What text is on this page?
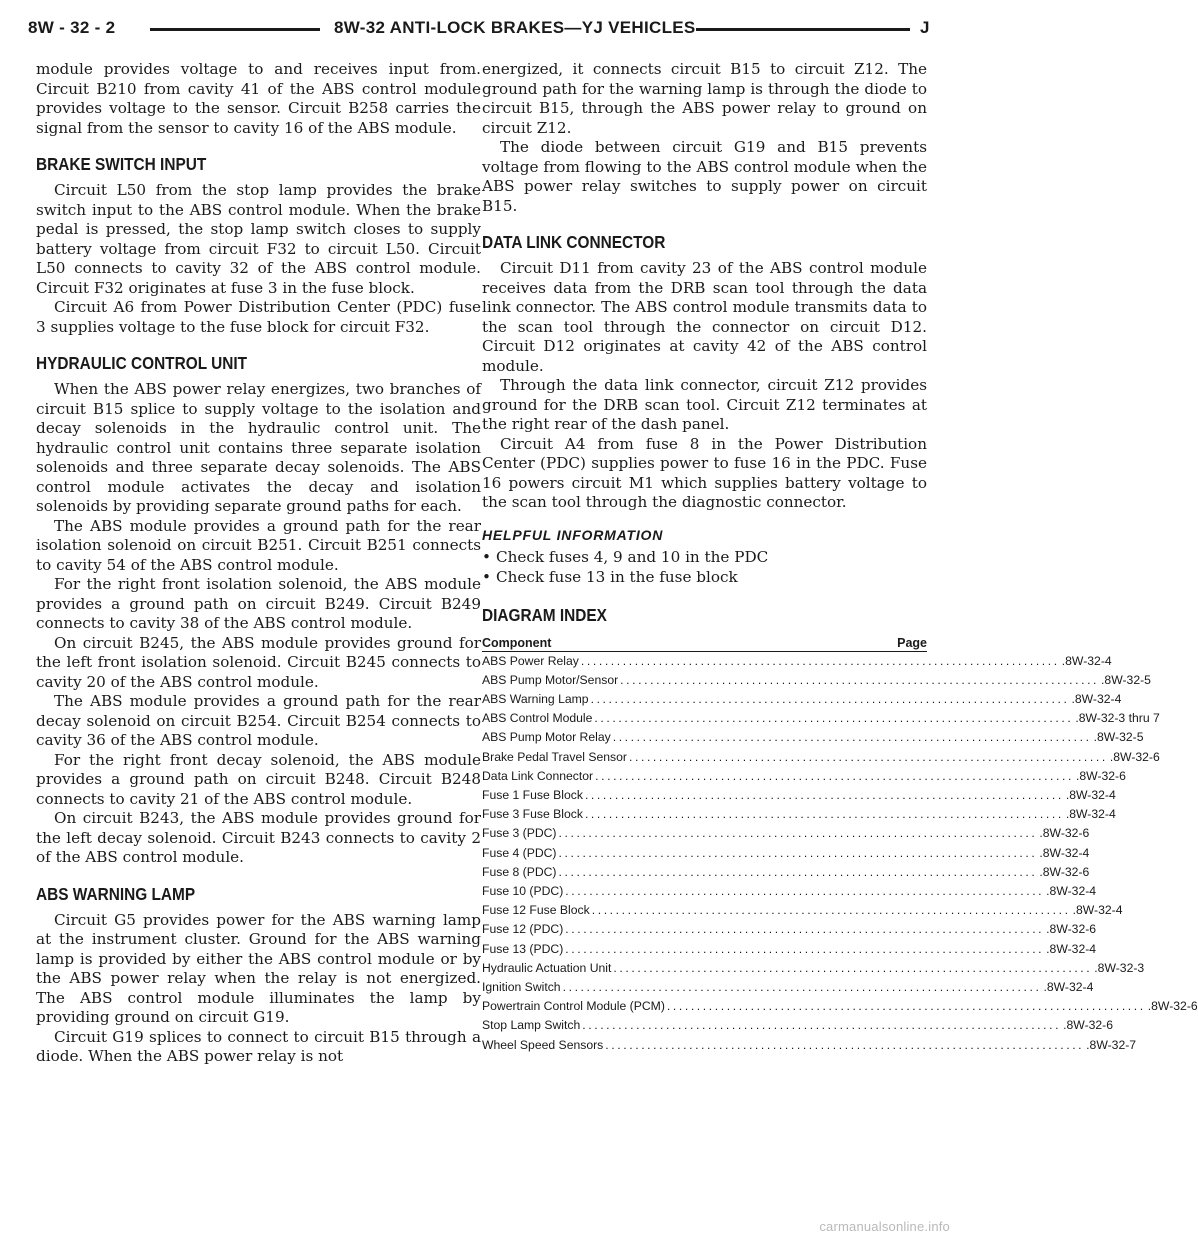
8W - 32 - 2	8W-32 ANTI-LOCK BRAKES—YJ VEHICLES	J

module provides voltage to and receives input from. Circuit B210 from cavity 41 of the ABS control module provides voltage to the sensor. Circuit B258 carries the signal from the sensor to cavity 16 of the ABS module.

BRAKE SWITCH INPUT

Circuit L50 from the stop lamp provides the brake switch input to the ABS control module. When the brake pedal is pressed, the stop lamp switch closes to supply battery voltage from circuit F32 to circuit L50. Circuit L50 connects to cavity 32 of the ABS control module. Circuit F32 originates at fuse 3 in the fuse block.

Circuit A6 from Power Distribution Center (PDC) fuse 3 supplies voltage to the fuse block for circuit F32.

HYDRAULIC CONTROL UNIT

When the ABS power relay energizes, two branches of circuit B15 splice to supply voltage to the isolation and decay solenoids in the hydraulic control unit. The hydraulic control unit contains three separate isolation solenoids and three separate decay solenoids. The ABS control module activates the decay and isolation solenoids by providing separate ground paths for each.

The ABS module provides a ground path for the rear isolation solenoid on circuit B251. Circuit B251 connects to cavity 54 of the ABS control module.

For the right front isolation solenoid, the ABS module provides a ground path on circuit B249. Circuit B249 connects to cavity 38 of the ABS control module.

On circuit B245, the ABS module provides ground for the left front isolation solenoid. Circuit B245 connects to cavity 20 of the ABS control module.

The ABS module provides a ground path for the rear decay solenoid on circuit B254. Circuit B254 connects to cavity 36 of the ABS control module.

For the right front decay solenoid, the ABS module provides a ground path on circuit B248. Circuit B248 connects to cavity 21 of the ABS control module.

On circuit B243, the ABS module provides ground for the left decay solenoid. Circuit B243 connects to cavity 2 of the ABS control module.

ABS WARNING LAMP

Circuit G5 provides power for the ABS warning lamp at the instrument cluster. Ground for the ABS warning lamp is provided by either the ABS control module or by the ABS power relay when the relay is not energized. The ABS control module illuminates the lamp by providing ground on circuit G19.

Circuit G19 splices to connect to circuit B15 through a diode. When the ABS power relay is not

energized, it connects circuit B15 to circuit Z12. The ground path for the warning lamp is through the diode to circuit B15, through the ABS power relay to ground on circuit Z12.

The diode between circuit G19 and B15 prevents voltage from flowing to the ABS control module when the ABS power relay switches to supply power on circuit B15.

DATA LINK CONNECTOR

Circuit D11 from cavity 23 of the ABS control module receives data from the DRB scan tool through the data link connector. The ABS control module transmits data to the scan tool through the connector on circuit D12. Circuit D12 originates at cavity 42 of the ABS control module.

Through the data link connector, circuit Z12 provides ground for the DRB scan tool. Circuit Z12 terminates at the right rear of the dash panel.

Circuit A4 from fuse 8 in the Power Distribution Center (PDC) supplies power to fuse 16 in the PDC. Fuse 16 powers circuit M1 which supplies battery voltage to the scan tool through the diagnostic connector.

HELPFUL INFORMATION
• Check fuses 4, 9 and 10 in the PDC
• Check fuse 13 in the fuse block
DIAGRAM INDEX
Component	Page
ABS Power Relay ................................................................................ .8W-32-4
ABS Pump Motor/Sensor ................................................................................ .8W-32-5
ABS Warning Lamp ................................................................................ .8W-32-4
ABS Control Module ................................................................................ .8W-32-3 thru 7
ABS Pump Motor Relay ................................................................................ .8W-32-5
Brake Pedal Travel Sensor ................................................................................ .8W-32-6
Data Link Connector ................................................................................ .8W-32-6
Fuse 1 Fuse Block ................................................................................ .8W-32-4
Fuse 3 Fuse Block ................................................................................ .8W-32-4
Fuse 3 (PDC) ................................................................................ .8W-32-6
Fuse 4 (PDC) ................................................................................ .8W-32-4
Fuse 8 (PDC) ................................................................................ .8W-32-6
Fuse 10 (PDC) ................................................................................ .8W-32-4
Fuse 12 Fuse Block ................................................................................ .8W-32-4
Fuse 12 (PDC) ................................................................................ .8W-32-6
Fuse 13 (PDC) ................................................................................ .8W-32-4
Hydraulic Actuation Unit ................................................................................ .8W-32-3
Ignition Switch ................................................................................ .8W-32-4
Powertrain Control Module (PCM) ................................................................................ .8W-32-6
Stop Lamp Switch ................................................................................ .8W-32-6
Wheel Speed Sensors ................................................................................ .8W-32-7
carmanualsonline.info
